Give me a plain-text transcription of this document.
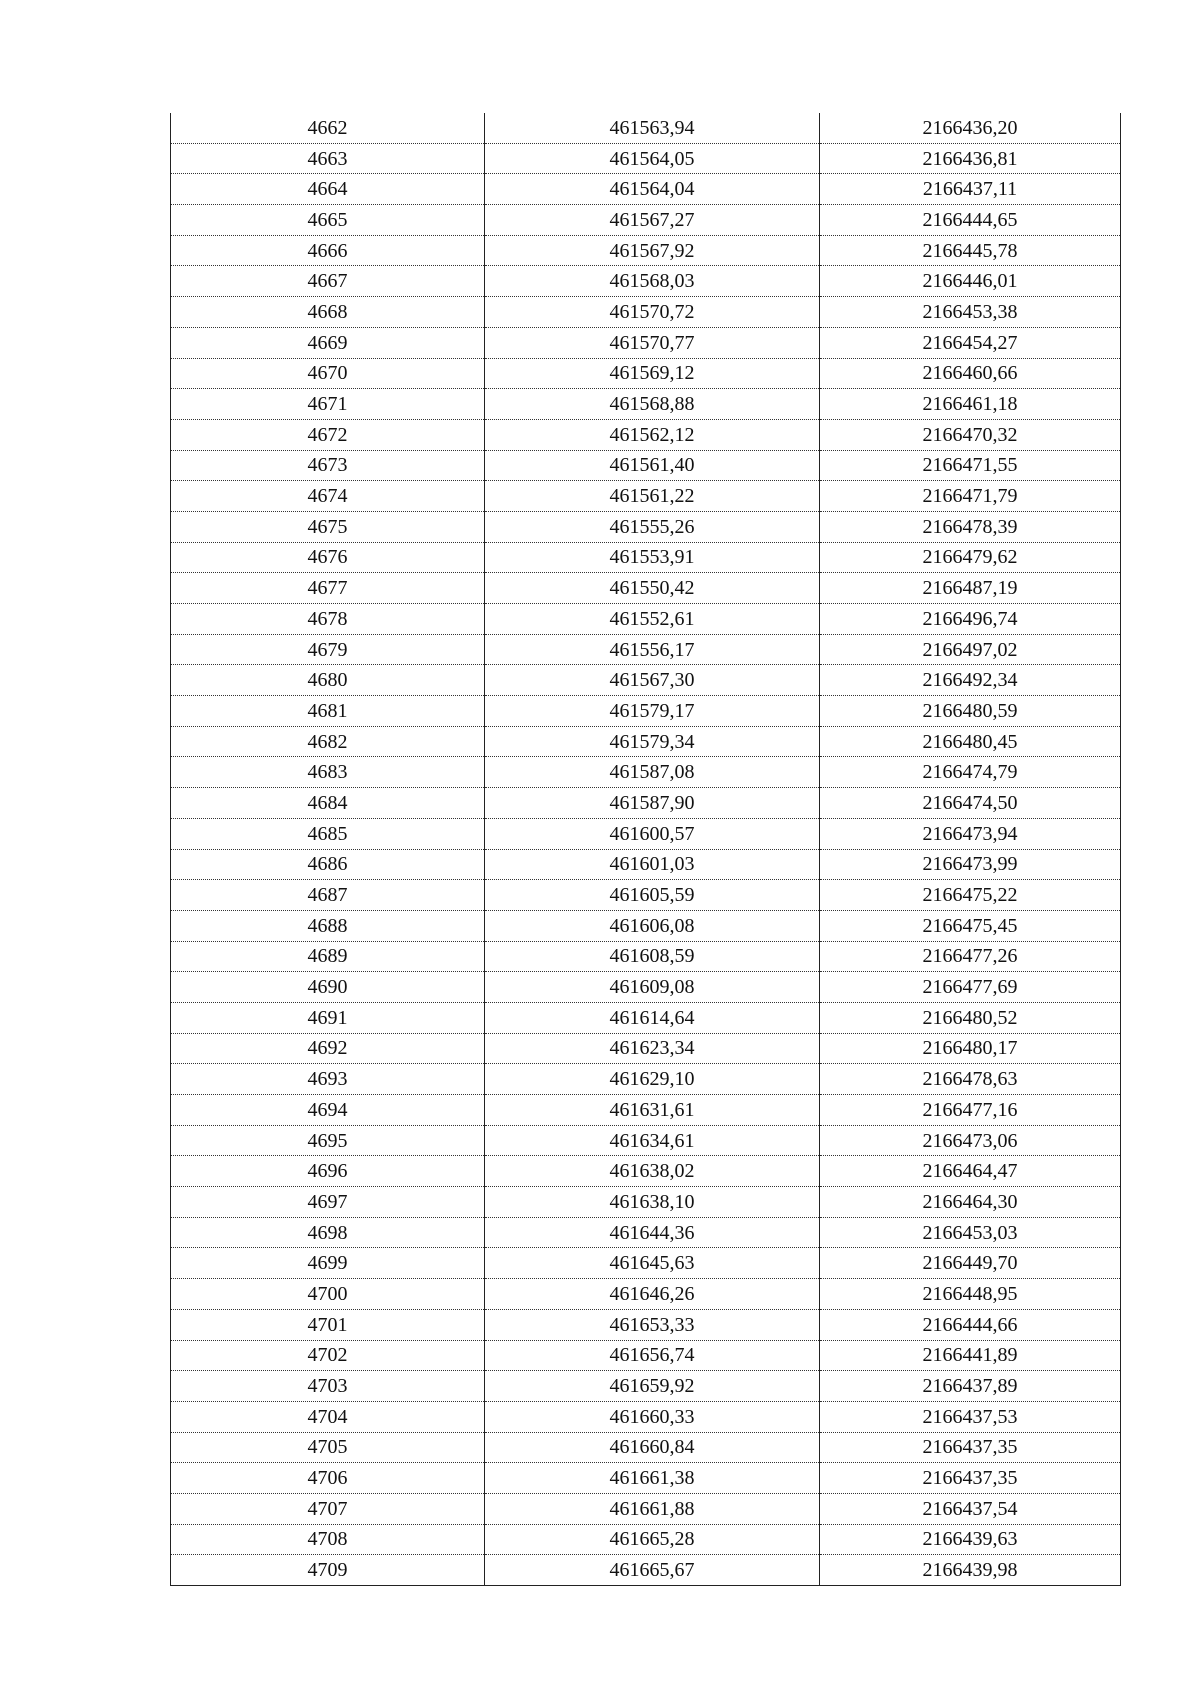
4662	461563,94	2166436,20
4663	461564,05	2166436,81
4664	461564,04	2166437,11
4665	461567,27	2166444,65
4666	461567,92	2166445,78
4667	461568,03	2166446,01
4668	461570,72	2166453,38
4669	461570,77	2166454,27
4670	461569,12	2166460,66
4671	461568,88	2166461,18
4672	461562,12	2166470,32
4673	461561,40	2166471,55
4674	461561,22	2166471,79
4675	461555,26	2166478,39
4676	461553,91	2166479,62
4677	461550,42	2166487,19
4678	461552,61	2166496,74
4679	461556,17	2166497,02
4680	461567,30	2166492,34
4681	461579,17	2166480,59
4682	461579,34	2166480,45
4683	461587,08	2166474,79
4684	461587,90	2166474,50
4685	461600,57	2166473,94
4686	461601,03	2166473,99
4687	461605,59	2166475,22
4688	461606,08	2166475,45
4689	461608,59	2166477,26
4690	461609,08	2166477,69
4691	461614,64	2166480,52
4692	461623,34	2166480,17
4693	461629,10	2166478,63
4694	461631,61	2166477,16
4695	461634,61	2166473,06
4696	461638,02	2166464,47
4697	461638,10	2166464,30
4698	461644,36	2166453,03
4699	461645,63	2166449,70
4700	461646,26	2166448,95
4701	461653,33	2166444,66
4702	461656,74	2166441,89
4703	461659,92	2166437,89
4704	461660,33	2166437,53
4705	461660,84	2166437,35
4706	461661,38	2166437,35
4707	461661,88	2166437,54
4708	461665,28	2166439,63
4709	461665,67	2166439,98
